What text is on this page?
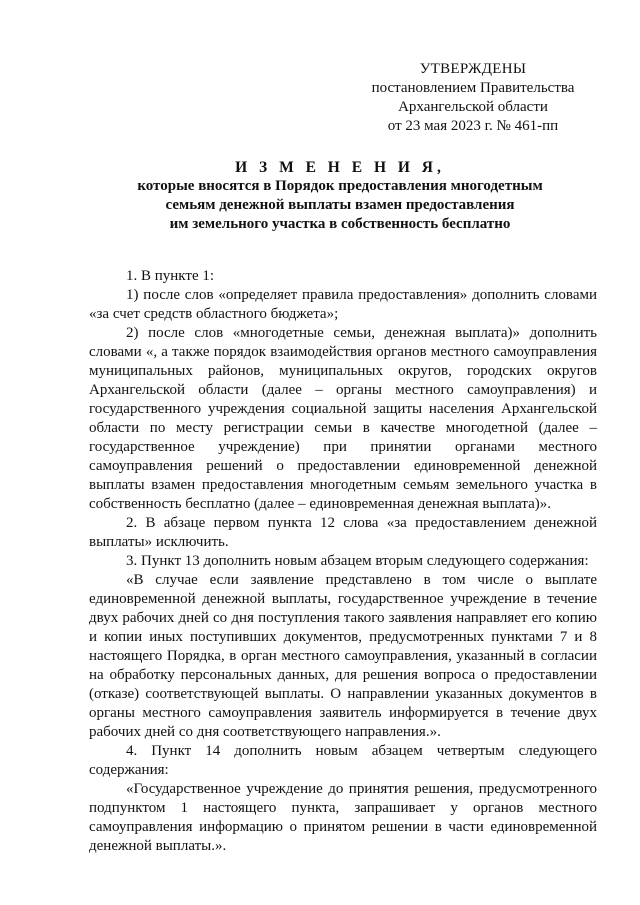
УТВЕРЖДЕНЫ
постановлением Правительства
Архангельской области
от 23 мая 2023 г. № 461-пп
И З М Е Н Е Н И Я,
которые вносятся в Порядок предоставления многодетным
семьям денежной выплаты взамен предоставления
им земельного участка в собственность бесплатно

1. В пункте 1:

1) после слов «определяет правила предоставления» дополнить словами «за счет средств областного бюджета»;

2) после слов «многодетные семьи, денежная выплата)» дополнить словами «, а также порядок взаимодействия органов местного самоуправления муниципальных районов, муниципальных округов, городских округов Архангельской области (далее – органы местного самоуправления) и государственного учреждения социальной защиты населения Архангельской области по месту регистрации семьи в качестве многодетной (далее – государственное учреждение) при принятии органами местного самоуправления решений о предоставлении единовременной денежной выплаты взамен предоставления многодетным семьям земельного участка в собственность бесплатно (далее – единовременная денежная выплата)».

2. В абзаце первом пункта 12 слова «за предоставлением денежной выплаты» исключить.

3. Пункт 13 дополнить новым абзацем вторым следующего содержания:

«В случае если заявление представлено в том числе о выплате единовременной денежной выплаты, государственное учреждение в течение двух рабочих дней со дня поступления такого заявления направляет его копию и копии иных поступивших документов, предусмотренных пунктами 7 и 8 настоящего Порядка, в орган местного самоуправления, указанный в согласии на обработку персональных данных, для решения вопроса о предоставлении (отказе) соответствующей выплаты. О направлении указанных документов в органы местного самоуправления заявитель информируется в течение двух рабочих дней со дня соответствующего направления.».

4. Пункт 14 дополнить новым абзацем четвертым следующего содержания:

«Государственное учреждение до принятия решения, предусмотренного подпунктом 1 настоящего пункта, запрашивает у органов местного самоуправления информацию о принятом решении в части единовременной денежной выплаты.».
